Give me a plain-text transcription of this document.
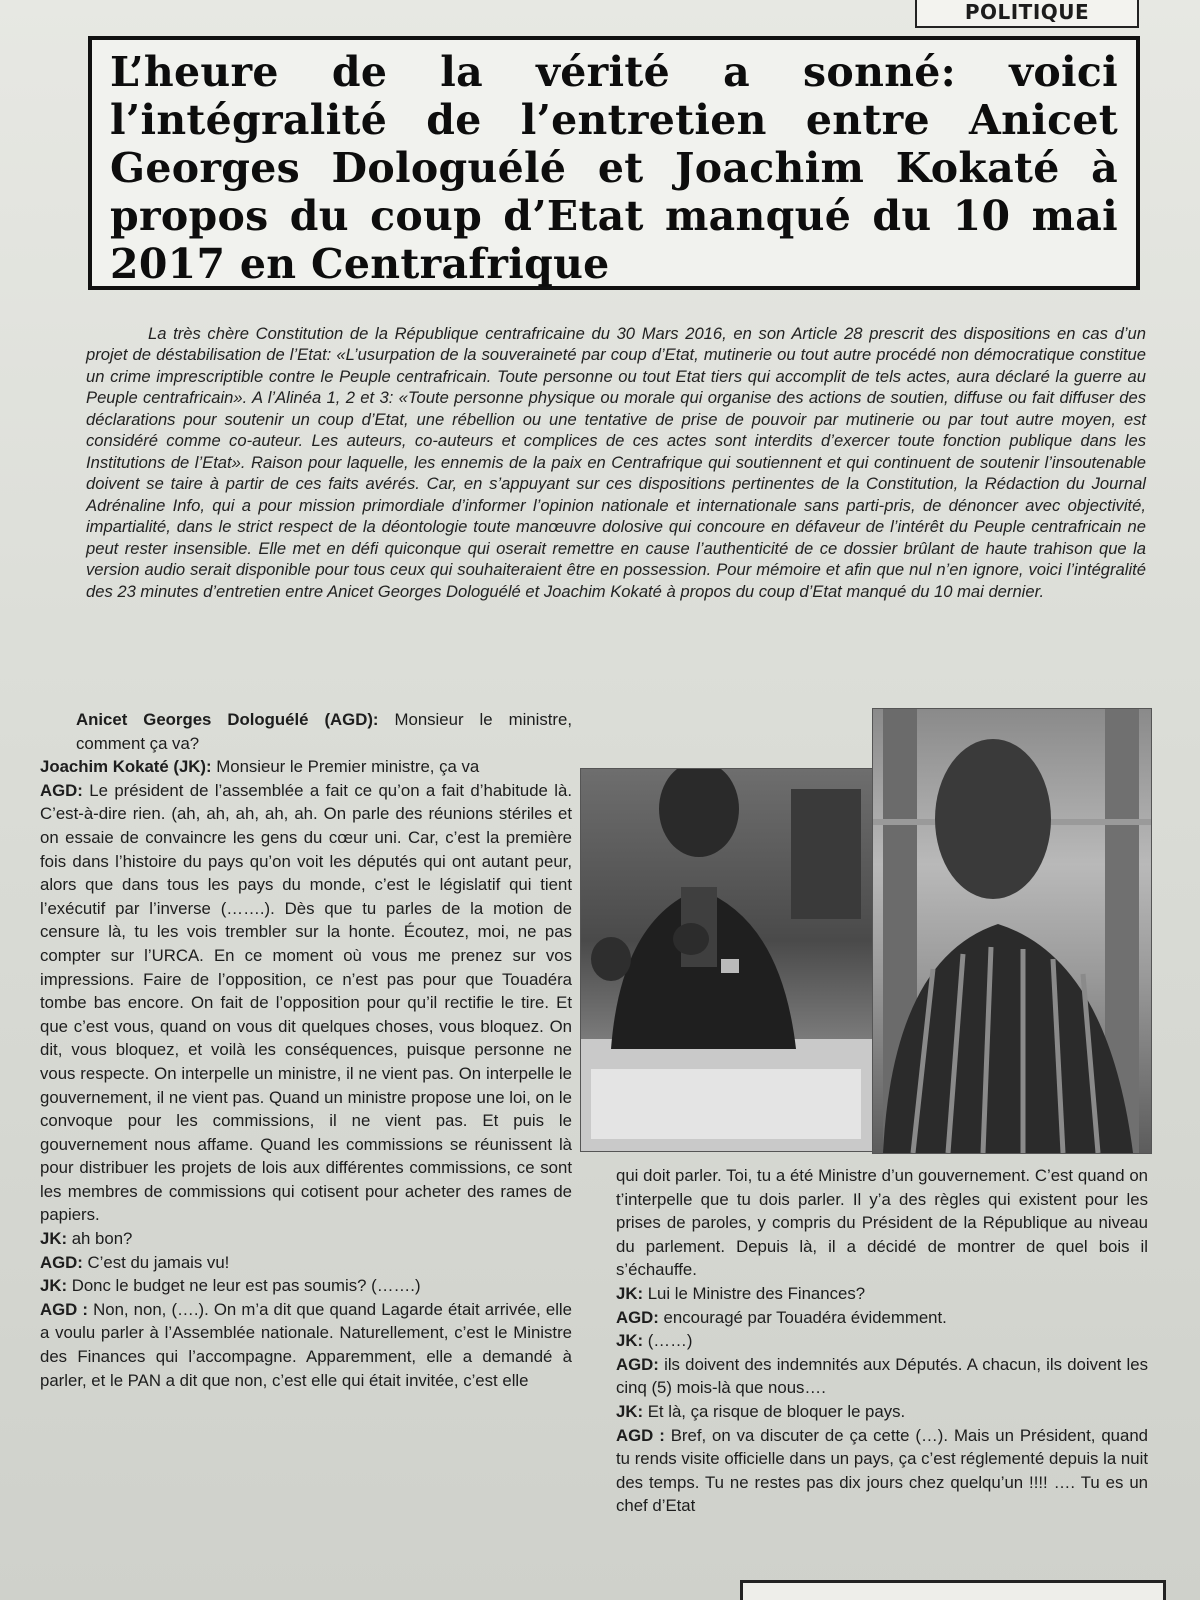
POLITIQUE
L’heure de la vérité a sonné: voici l’intégralité de l’entretien entre Anicet Georges Dologuélé et Joachim Kokaté à propos du coup d’Etat manqué du 10 mai 2017 en Centrafrique

La très chère Constitution de la République centrafricaine du 30 Mars 2016, en son Article 28 prescrit des dispositions en cas d’un projet de déstabilisation de l’Etat: «L’usurpation de la souveraineté par coup d’Etat, mutinerie ou tout autre procédé non démocratique constitue un crime imprescriptible contre le Peuple centrafricain. Toute personne ou tout Etat tiers qui accomplit de tels actes, aura déclaré la guerre au Peuple centrafricain». A l’Alinéa 1, 2 et 3: «Toute personne physique ou morale qui organise des actions de soutien, diffuse ou fait diffuser des déclarations pour soutenir un coup d’Etat, une rébellion ou une tentative de prise de pouvoir par mutinerie ou par tout autre moyen, est considéré comme co-auteur. Les auteurs, co-auteurs et complices de ces actes sont interdits d’exercer toute fonction publique dans les Institutions de l’Etat». Raison pour laquelle, les ennemis de la paix en Centrafrique qui soutiennent et qui continuent de soutenir l’insoutenable doivent se taire à partir de ces faits avérés. Car, en s’appuyant sur ces dispositions pertinentes de la Constitution, la Rédaction du Journal Adrénaline Info, qui a pour mission primordiale d’informer l’opinion nationale et internationale sans parti-pris, de dénoncer avec objectivité, impartialité, dans le strict respect de la déontologie toute manœuvre dolosive qui concoure en défaveur de l’intérêt du Peuple centrafricain ne peut rester insensible. Elle met en défi quiconque qui oserait remettre en cause l’authenticité de ce dossier brûlant de haute trahison que la version audio serait disponible pour tous ceux qui souhaiteraient être en possession. Pour mémoire et afin que nul n’en ignore, voici l’intégralité des 23 minutes d’entretien entre Anicet Georges Dologuélé et Joachim Kokaté à propos du coup d’Etat manqué du 10 mai dernier.

Anicet Georges Dologuélé (AGD): Monsieur le ministre, comment ça va?

Joachim Kokaté (JK): Monsieur le Premier ministre, ça va

AGD: Le président de l’assemblée a fait ce qu’on a fait d’habitude là. C’est-à-dire rien. (ah, ah, ah, ah, ah. On parle des réunions stériles et on essaie de convaincre les gens du cœur uni. Car, c’est la première fois dans l’histoire du pays qu’on voit les députés qui ont autant peur, alors que dans tous les pays du monde, c’est le législatif qui tient l’exécutif par l’inverse (…….). Dès que tu parles de la motion de censure là, tu les vois trembler sur la honte. Écoutez, moi, ne pas compter sur l’URCA. En ce moment où vous me prenez sur vos impressions. Faire de l’opposition, ce n’est pas pour que Touadéra tombe bas encore. On fait de l’opposition pour qu’il rectifie le tire. Et que c’est vous, quand on vous dit quelques choses, vous bloquez. On dit, vous bloquez, et voilà les conséquences, puisque personne ne vous respecte. On interpelle un ministre, il ne vient pas. On interpelle le gouvernement, il ne vient pas. Quand un ministre propose une loi, on le convoque pour les commissions, il ne vient pas. Et puis le gouvernement nous affame. Quand les commissions se réunissent là pour distribuer les projets de lois aux différentes commissions, ce sont les membres de commissions qui cotisent pour acheter des rames de papiers.

JK: ah bon?

AGD: C’est du jamais vu!

JK: Donc le budget ne leur est pas soumis? (…….)

AGD : Non, non, (….). On m’a dit que quand Lagarde était arrivée, elle a voulu parler à l’Assemblée nationale. Naturellement, c’est le Ministre des Finances qui l’accompagne. Apparemment, elle a demandé à parler, et le PAN a dit que non, c’est elle qui était invitée, c’est elle

qui doit parler. Toi, tu a été Ministre d’un gouvernement. C’est quand on t’interpelle que tu dois parler. Il y’a des règles qui existent pour les prises de paroles, y compris du Président de la République au niveau du parlement. Depuis là, il a décidé de montrer de quel bois il s’échauffe.

JK: Lui le Ministre des Finances?

AGD: encouragé par Touadéra évidemment.

JK: (……)

AGD: ils doivent des indemnités aux Députés. A chacun, ils doivent les cinq (5) mois-là que nous….

JK: Et là, ça risque de bloquer le pays.

AGD : Bref, on va discuter de ça cette (…). Mais un Président, quand tu rends visite officielle dans un pays, ça c’est réglementé depuis la nuit des temps. Tu ne restes pas dix jours chez quelqu’un !!!! …. Tu es un chef d’Etat
